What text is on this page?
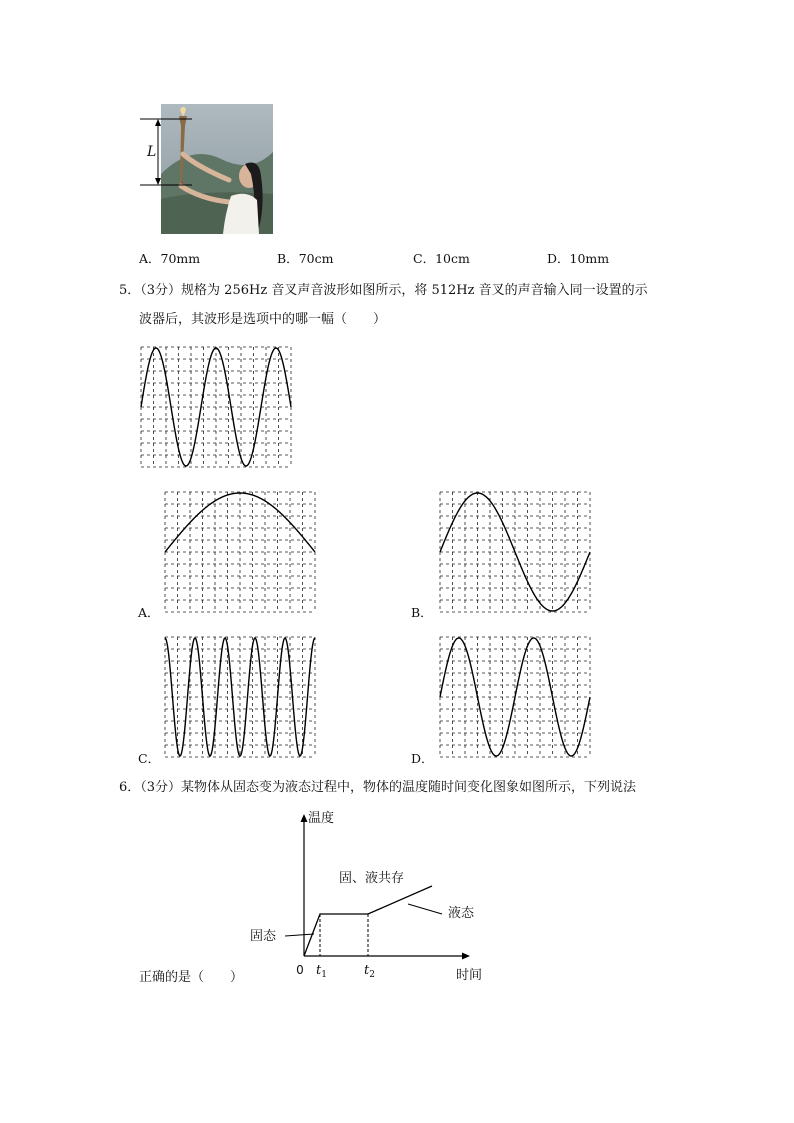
L
A．70mm	B．70cm	C．10cm	D．10mm
5．（3分）规格为 256Hz 音叉声音波形如图所示，将 512Hz 音叉的声音输入同一设置的示
波器后，其波形是选项中的哪一幅（　　）
A．	B．
C．	D．
6．（3分）某物体从固态变为液态过程中，物体的温度随时间变化图象如图所示，下列说法
温度
时间
0 $t_1$	$t_2$
固态
固、液共存
液态
正确的是（　　）
